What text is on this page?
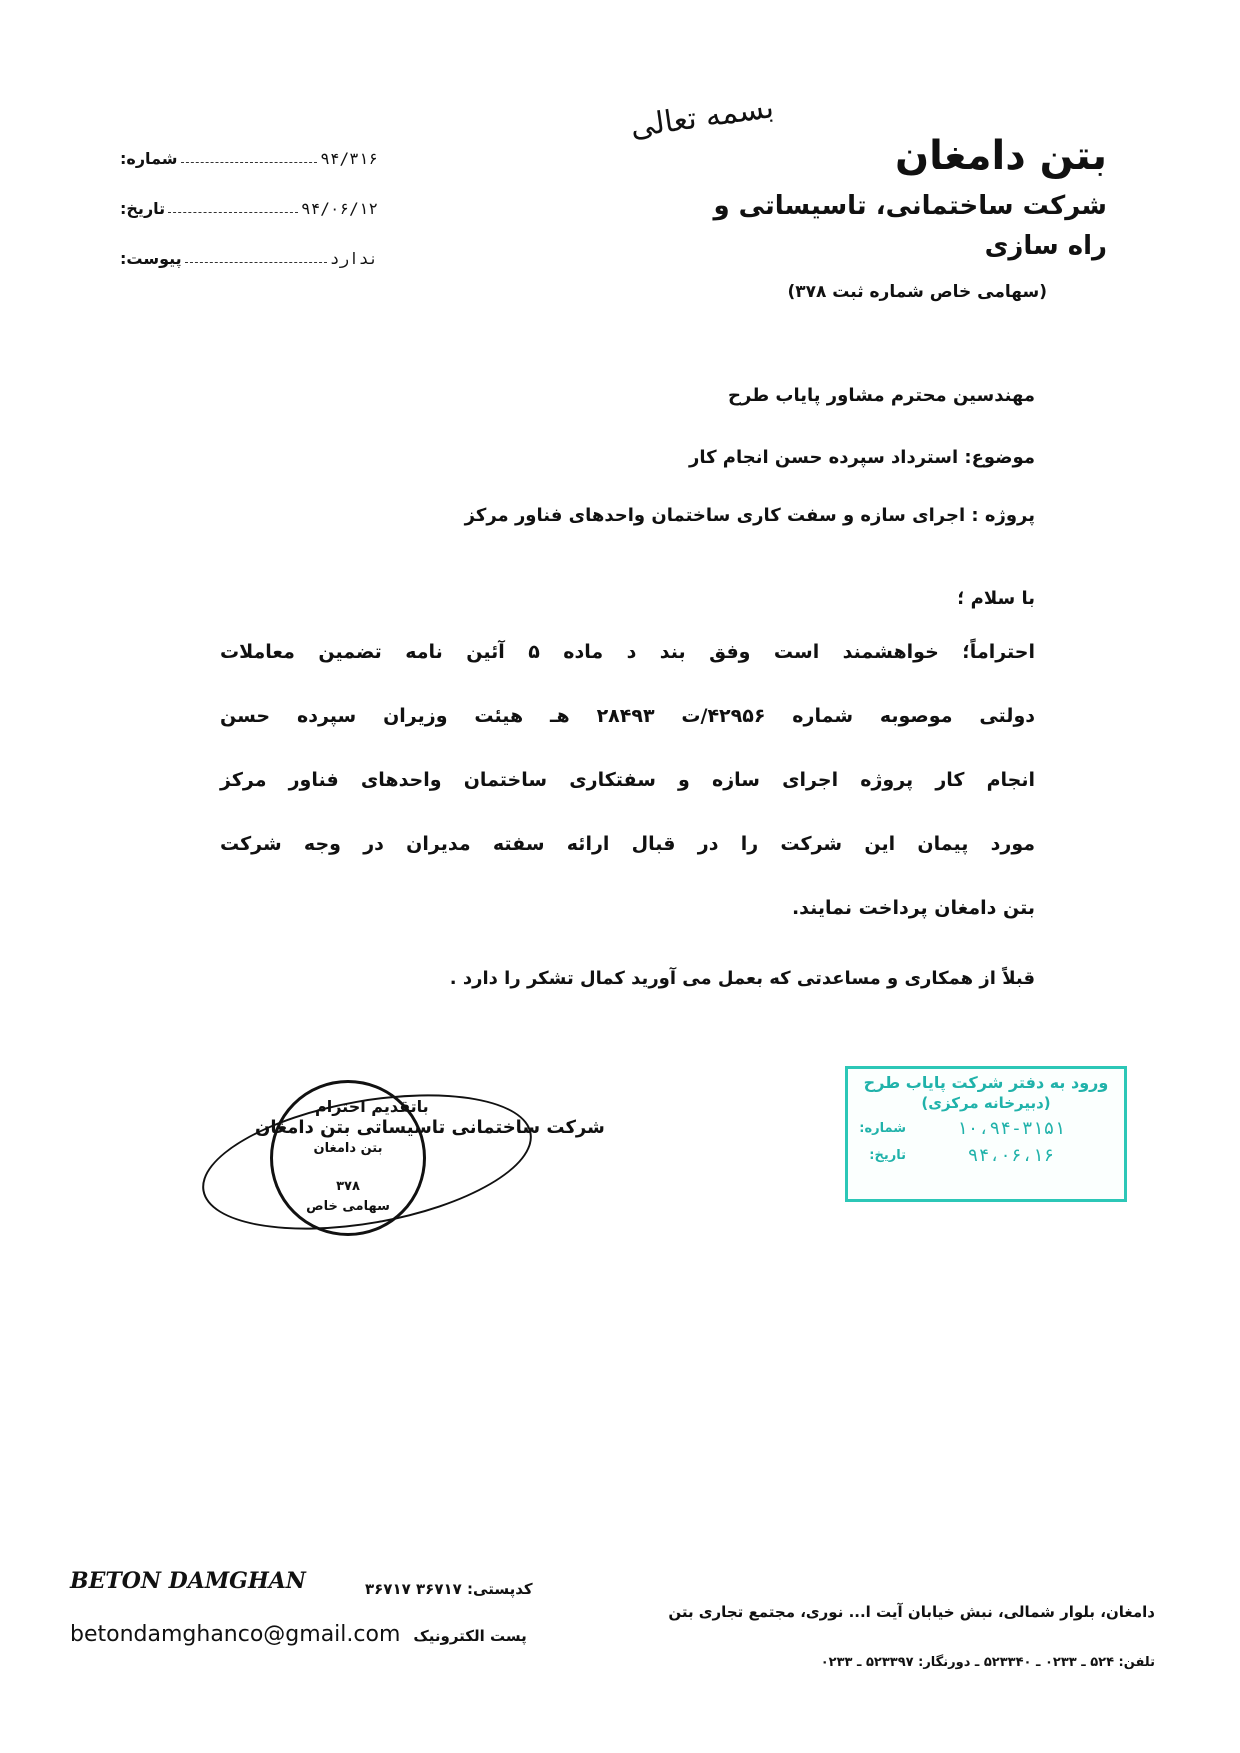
بتن دامغان
شرکت ساختمانی، تاسیساتی و راه سازی
(سهامی خاص شماره ثبت ۳۷۸)
بسمه تعالی
شماره:	۹۴/۳۱۶
تاریخ:	۹۴/۰۶/۱۲
پیوست:	ندارد
مهندسین محترم مشاور پایاب طرح
موضوع: استرداد سپرده حسن انجام کار
پروژه : اجرای سازه و سفت کاری ساختمان واحدهای فناور مرکز
با سلام ؛
احتراماً؛ خواهشمند است وفق بند د ماده ۵ آئین نامه تضمین معاملات
دولتی موصوبه شماره ۴۲۹۵۶/ت ۲۸۴۹۳ هـ هیئت وزیران سپرده حسن
انجام کار پروژه اجرای سازه و سفتکاری ساختمان واحدهای فناور مرکز
مورد پیمان این شرکت را در قبال ارائه سفته مدیران در وجه شرکت
بتن دامغان پرداخت نمایند.
قبلاً از همکاری و مساعدتی که بعمل می آورید کمال تشکر را دارد .
بتن دامغان
۳۷۸
سهامی خاص
باتقدیم احترام
شرکت ساختمانی تاسیساتی بتن دامغان
ورود به دفتر شرکت پایاب طرح
(دبیرخانه مرکزی)
شماره:	۱۰،۹۴-۳۱۵۱
تاریخ:	۹۴،۰۶،۱۶
BETON DAMGHAN	کدپستی: ۳۶۷۱۷ ۳۶۷۱۷
دامغان، بلوار شمالی، نبش خیابان آیت ا... نوری، مجتمع تجاری بتن
betondamghanco@gmail.com پست الکترونیک
تلفن: ۵۲۴ ـ ۰۲۳۳ ـ ۵۲۳۳۴۰ ـ دورنگار: ۵۲۳۳۹۷ ـ ۰۲۳۳
